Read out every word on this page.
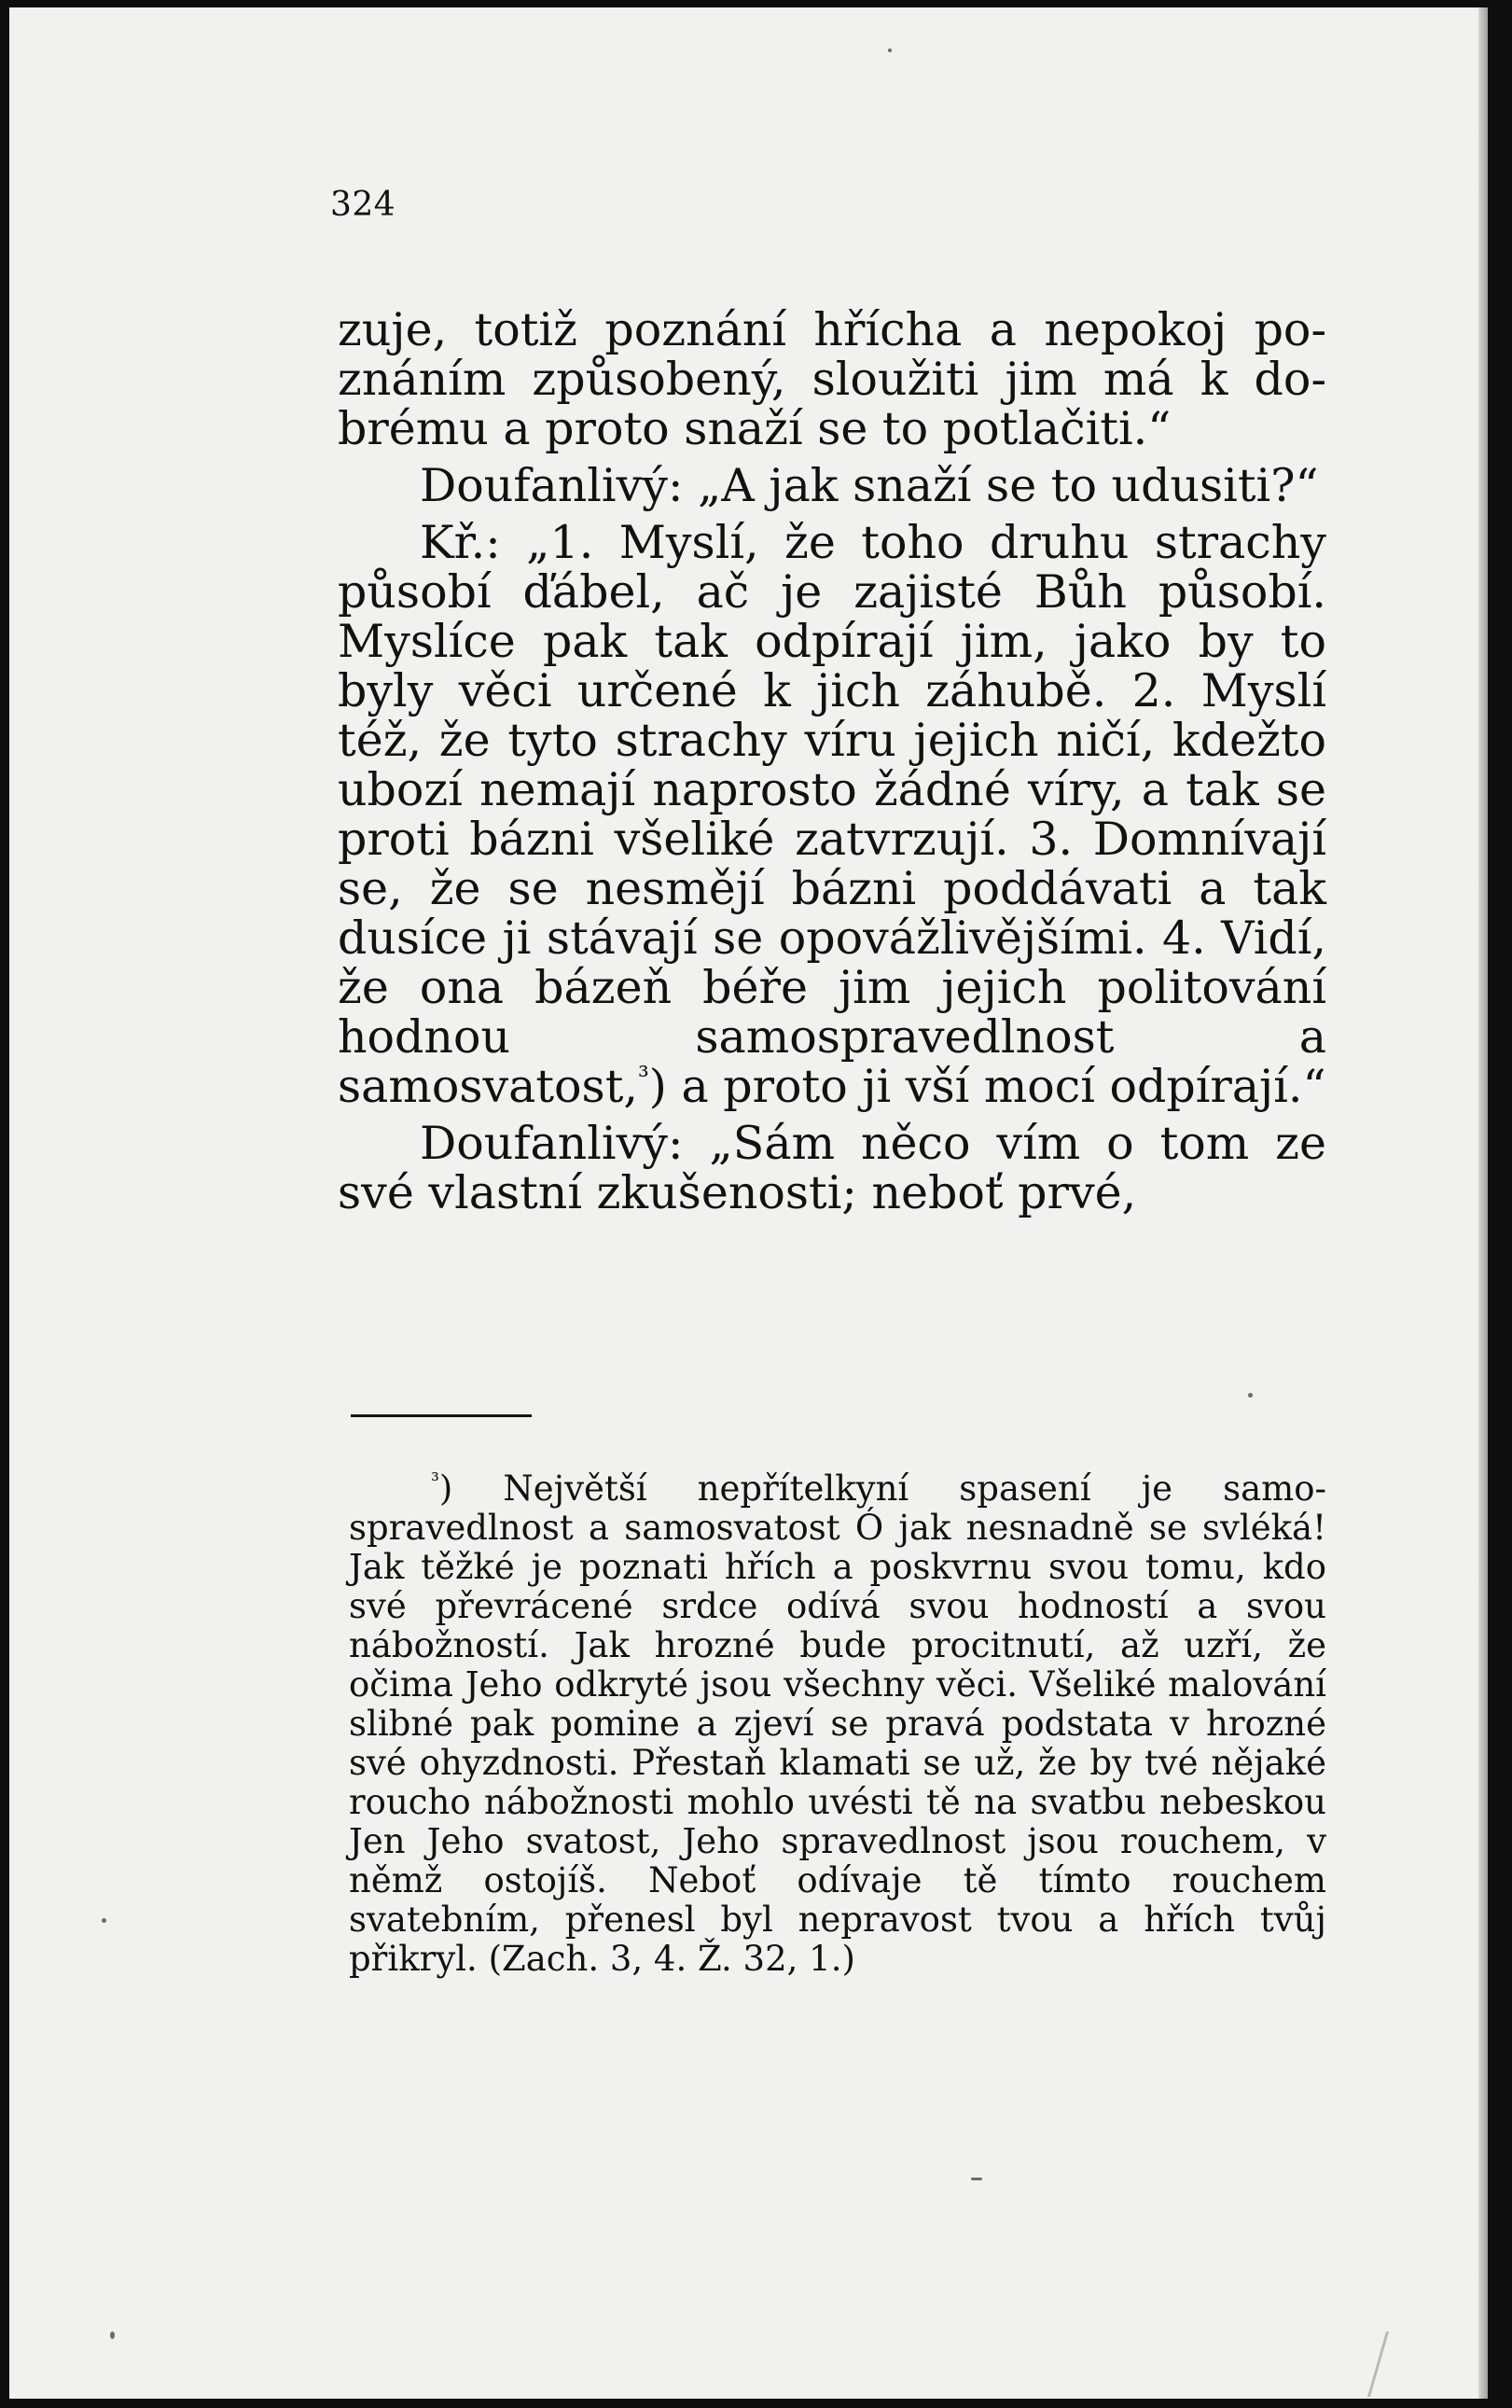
324

zuje, totiž poznání hřícha a nepokoj poznáním způsobený, sloužiti jim má k dobrému a proto snaží se to potlačiti.“

Doufanlivý: „A jak snaží se to udusiti?“

Kř.: „1. Myslí, že toho druhu strachy působí ďábel, ač je zajisté Bůh působí. Myslíce pak tak odpírají jim, jako by to byly věci určené k jich záhubě. 2. Myslí též, že tyto strachy víru jejich ničí, kdežto ubozí nemají naprosto žádné víry, a tak se proti bázni všeliké zatvrzují. 3. Domnívají se, že se nesmějí bázni poddávati a tak dusíce ji stávají se opovážlivějšími. 4. Vidí, že ona bázeň béře jim jejich politování hodnou samospravedlnost a samosvatost,$^{^3}$) a proto ji vší mocí odpírají.“

Doufanlivý: „Sám něco vím o tom ze své vlastní zkušenosti; neboť prvé,

$^{^3}$) Největší nepřítelkyní spasení je samospravedlnost a samosvatost Ó jak nesnadně se svléká! Jak těžké je poznati hřích a poskvrnu svou tomu, kdo své převrácené srdce odívá svou hodností a svou nábožností. Jak hrozné bude procitnutí, až uzří, že očima Jeho odkryté jsou všechny věci. Všeliké malování slibné pak pomine a zjeví se pravá podstata v hrozné své ohyzdnosti. Přestaň klamati se už, že by tvé nějaké roucho nábožnosti mohlo uvésti tě na svatbu nebeskou Jen Jeho svatost, Jeho spravedlnost jsou rouchem, v němž ostojíš. Neboť odívaje tě tímto rouchem svatebním, přenesl byl nepravost tvou a hřích tvůj přikryl. (Zach. 3, 4. Ž. 32, 1.)
